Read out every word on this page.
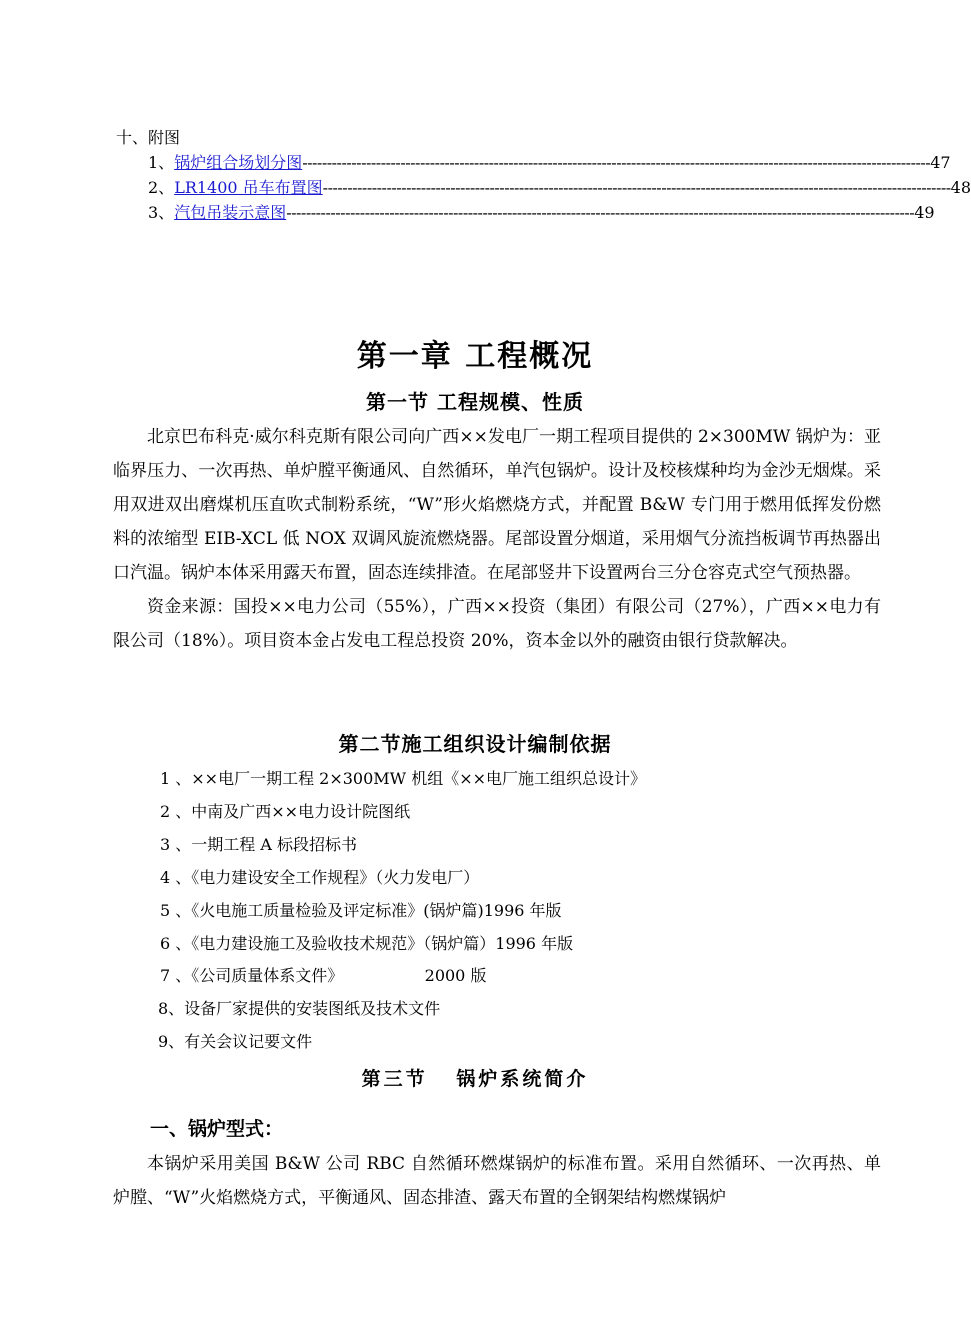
十、附图
1、 锅炉组合场划分图 -------------------------------------------------------------------------------------------------------------------------------- 47
2、 LR1400 吊车布置图 -------------------------------------------------------------------------------------------------------------------------------- 48
3、 汽包吊装示意图 -------------------------------------------------------------------------------------------------------------------------------- 49
第一章 工程概况
第一节 工程规模、性质

北京巴布科克·威尔科克斯有限公司向广西××发电厂一期工程项目提供的 2×300MW 锅炉为：亚临界压力、一次再热、单炉膛平衡通风、自然循环，单汽包锅炉。设计及校核煤种均为金沙无烟煤。采用双进双出磨煤机压直吹式制粉系统，“W”形火焰燃烧方式，并配置 B&W 专门用于燃用低挥发份燃料的浓缩型 EIB-XCL 低 NOX 双调风旋流燃烧器。尾部设置分烟道，采用烟气分流挡板调节再热器出口汽温。锅炉本体采用露天布置，固态连续排渣。在尾部竖井下设置两台三分仓容克式空气预热器。

资金来源：国投××电力公司（55%），广西××投资（集团）有限公司（27%），广西××电力有限公司（18%）。项目资本金占发电工程总投资 20%，资本金以外的融资由银行贷款解决。

第二节施工组织设计编制依据
1 、××电厂一期工程 2×300MW 机组《××电厂施工组织总设计》
2 、中南及广西××电力设计院图纸
3 、一期工程 A 标段招标书
4 、《电力建设安全工作规程》（火力发电厂）
5 、《火电施工质量检验及评定标准》(锅炉篇)1996 年版
6 、《电力建设施工及验收技术规范》（锅炉篇）1996 年版
7 、《公司质量体系文件》                2000 版
8、设备厂家提供的安装图纸及技术文件
9、有关会议记要文件
第三节   锅炉系统简介
一、锅炉型式：

本锅炉采用美国 B&W 公司 RBC 自然循环燃煤锅炉的标准布置。采用自然循环、一次再热、单炉膛、“W”火焰燃烧方式，平衡通风、固态排渣、露天布置的全钢架结构燃煤锅炉
